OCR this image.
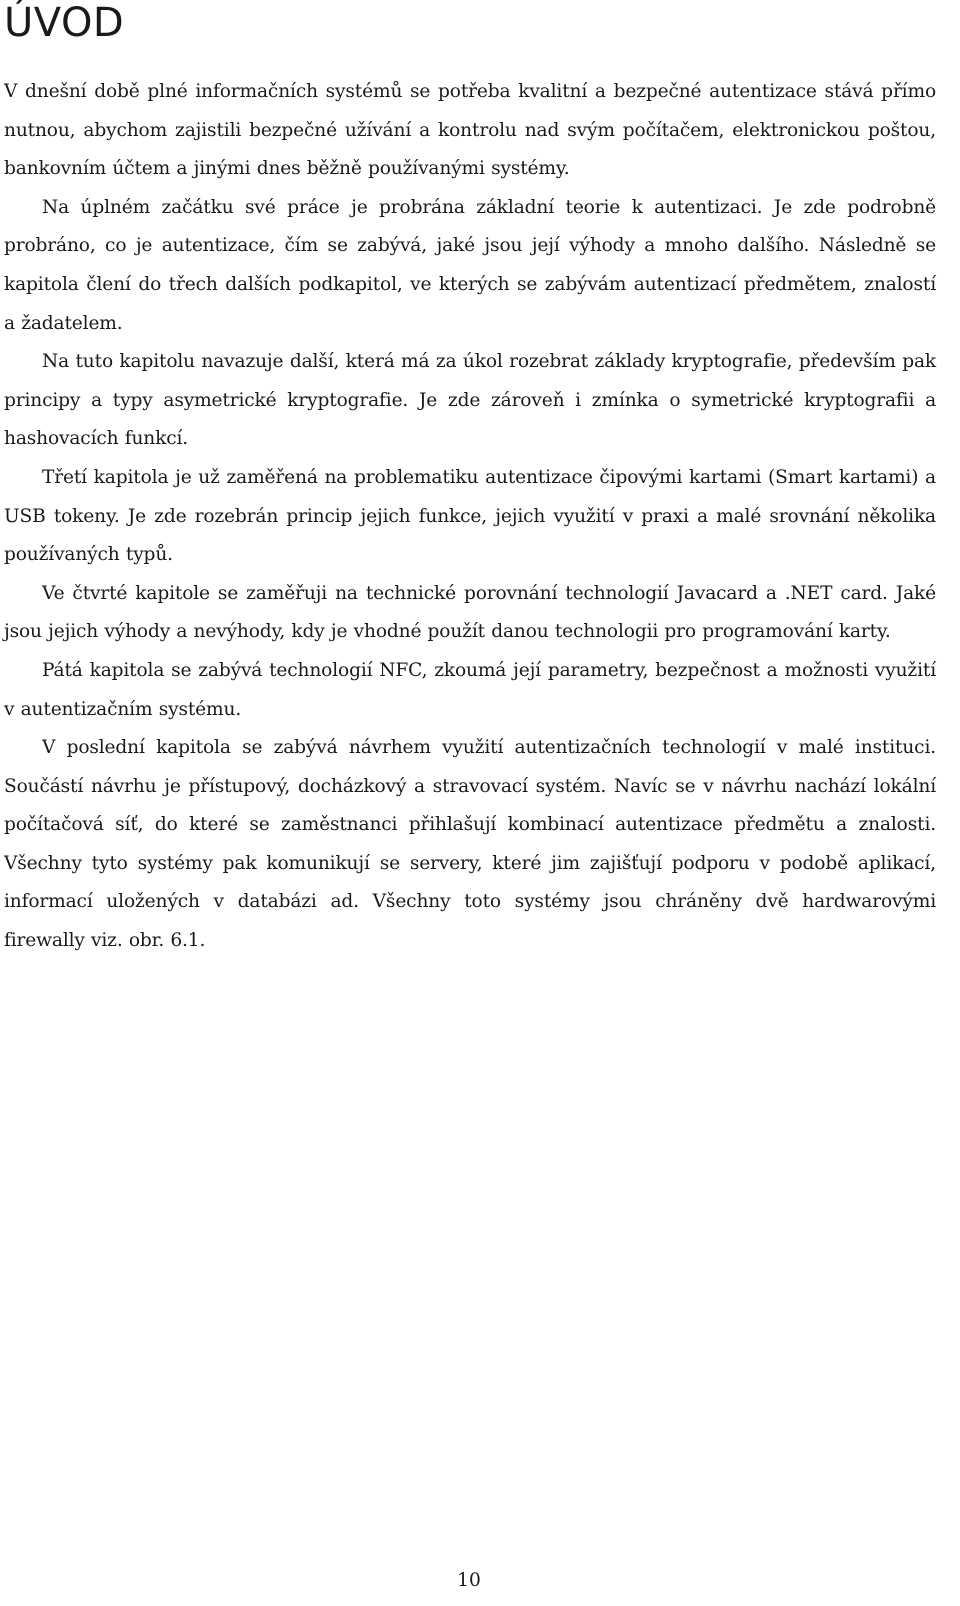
ÚVOD

V dnešní době plné informačních systémů se potřeba kvalitní a bezpečné autentizace stává přímo nutnou, abychom zajistili bezpečné užívání a kontrolu nad svým počítačem, elektronickou poštou, bankovním účtem a jinými dnes běžně používanými systémy.

Na úplném začátku své práce je probrána základní teorie k autentizaci. Je zde podrobně probráno, co je autentizace, čím se zabývá, jaké jsou její výhody a mnoho dalšího. Následně se kapitola člení do třech dalších podkapitol, ve kterých se zabývám autentizací předmětem, znalostí a žadatelem.

Na tuto kapitolu navazuje další, která má za úkol rozebrat základy kryptografie, především pak principy a typy asymetrické kryptografie. Je zde zároveň i zmínka o symetrické kryptografii a hashovacích funkcí.

Třetí kapitola je už zaměřená na problematiku autentizace čipovými kartami (Smart kartami) a USB tokeny. Je zde rozebrán princip jejich funkce, jejich využití v praxi a malé srovnání několika používaných typů.

Ve čtvrté kapitole se zaměřuji na technické porovnání technologií Javacard a .NET card. Jaké jsou jejich výhody a nevýhody, kdy je vhodné použít danou technologii pro programování karty.

Pátá kapitola se zabývá technologií NFC, zkoumá její parametry, bezpečnost a možnosti využití v autentizačním systému.

V poslední kapitola se zabývá návrhem využití autentizačních technologií v malé instituci. Součástí návrhu je přístupový, docházkový a stravovací systém. Navíc se v návrhu nachází lokální počítačová síť, do které se zaměstnanci přihlašují kombinací autentizace předmětu a znalosti. Všechny tyto systémy pak komunikují se servery, které jim zajišťují podporu v podobě aplikací, informací uložených v databázi ad. Všechny toto systémy jsou chráněny dvě hardwarovými firewally viz. obr. 6.1.

10
